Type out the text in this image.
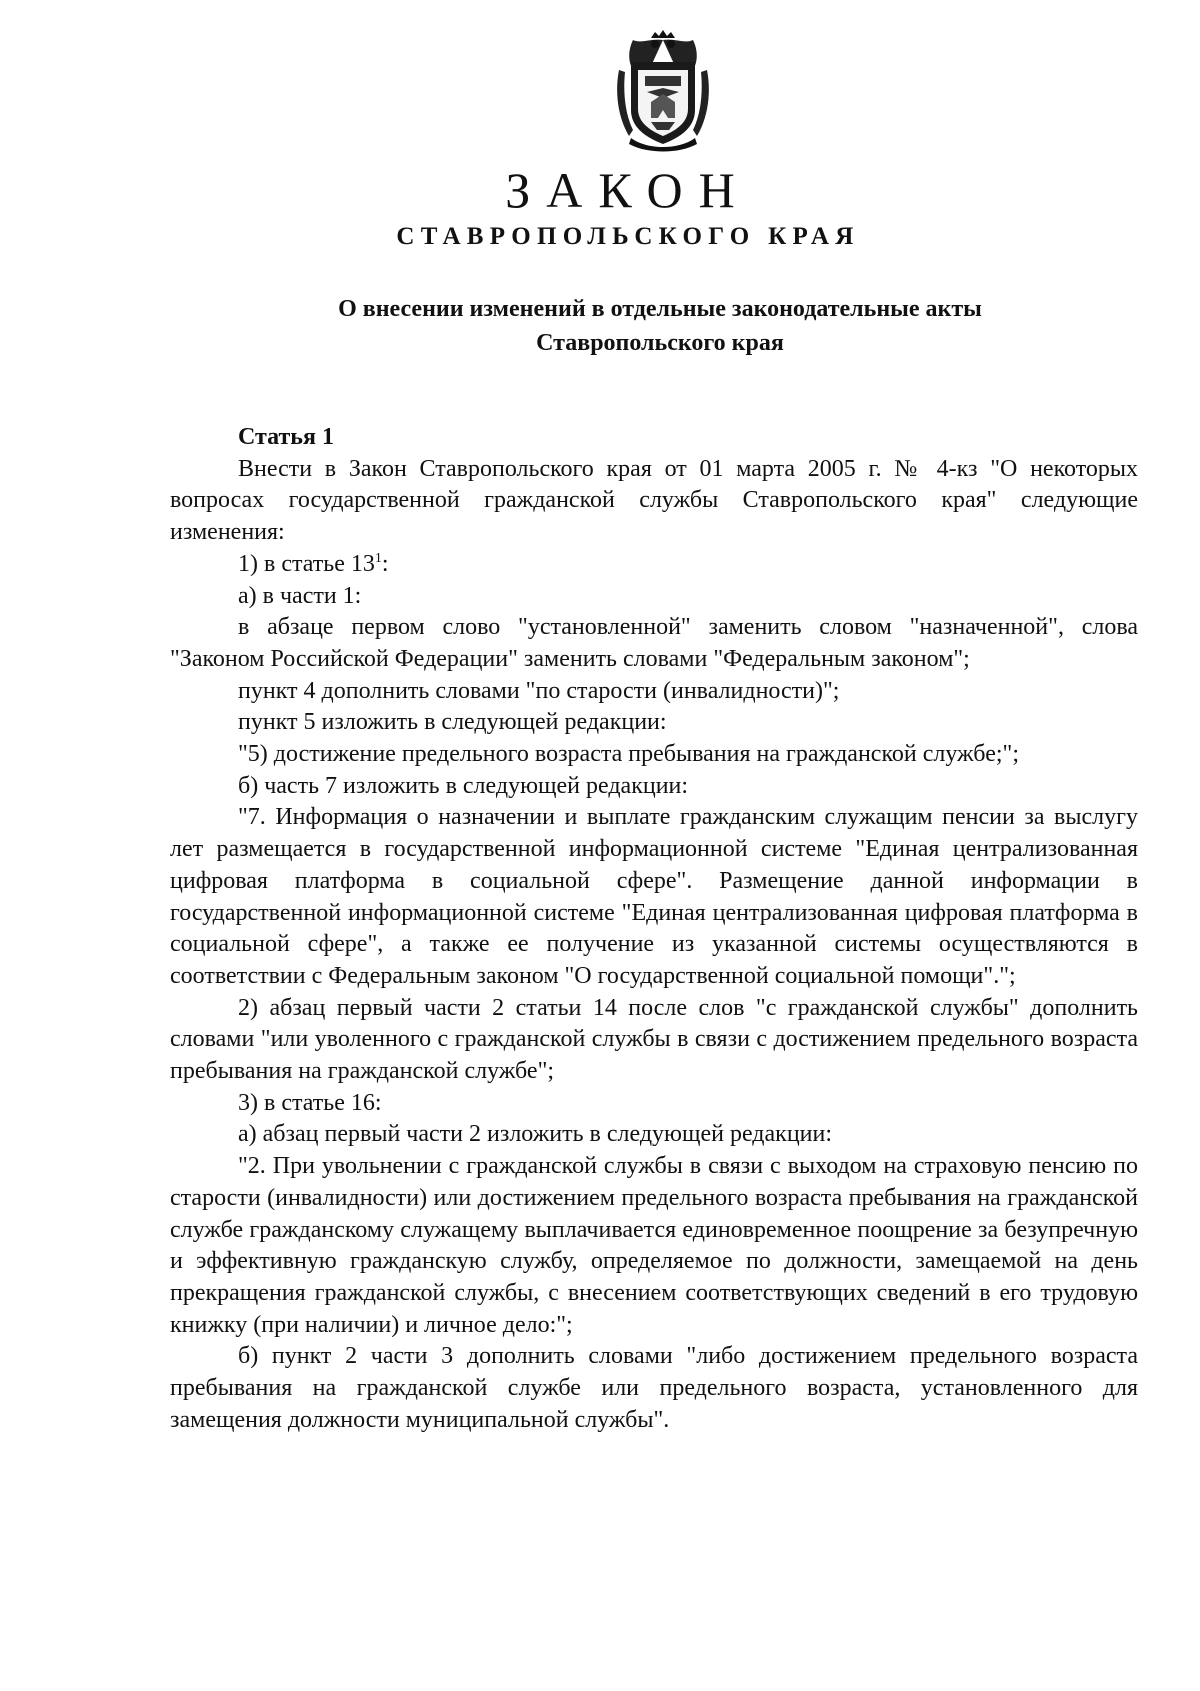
ЗАКОН
СТАВРОПОЛЬСКОГО КРАЯ
О внесении изменений в отдельные законодательные акты
Ставропольского края

Статья 1

Внести в Закон Ставропольского края от 01 марта 2005 г. № 4-кз "О некоторых вопросах государственной гражданской службы Ставропольского края" следующие изменения:

1) в статье $13^1$:

а) в части 1:

в абзаце первом слово "установленной" заменить словом "назначенной", слова "Законом Российской Федерации" заменить словами "Федеральным законом";

пункт 4 дополнить словами "по старости (инвалидности)";

пункт 5 изложить в следующей редакции:

"5) достижение предельного возраста пребывания на гражданской службе;";

б) часть 7 изложить в следующей редакции:

"7. Информация о назначении и выплате гражданским служащим пенсии за выслугу лет размещается в государственной информационной системе "Единая централизованная цифровая платформа в социальной сфере". Размещение данной информации в государственной информационной системе "Единая централизованная цифровая платформа в социальной сфере", а также ее получение из указанной системы осуществляются в соответствии с Федеральным законом "О государственной социальной помощи".";

2) абзац первый части 2 статьи 14 после слов "с гражданской службы" дополнить словами "или уволенного с гражданской службы в связи с достижением предельного возраста пребывания на гражданской службе";

3) в статье 16:

а) абзац первый части 2 изложить в следующей редакции:

"2. При увольнении с гражданской службы в связи с выходом на страховую пенсию по старости (инвалидности) или достижением предельного возраста пребывания на гражданской службе гражданскому служащему выплачивается единовременное поощрение за безупречную и эффективную гражданскую службу, определяемое по должности, замещаемой на день прекращения гражданской службы, с внесением соответствующих сведений в его трудовую книжку (при наличии) и личное дело:";

б) пункт 2 части 3 дополнить словами "либо достижением предельного возраста пребывания на гражданской службе или предельного возраста, установленного для замещения должности муниципальной службы".
